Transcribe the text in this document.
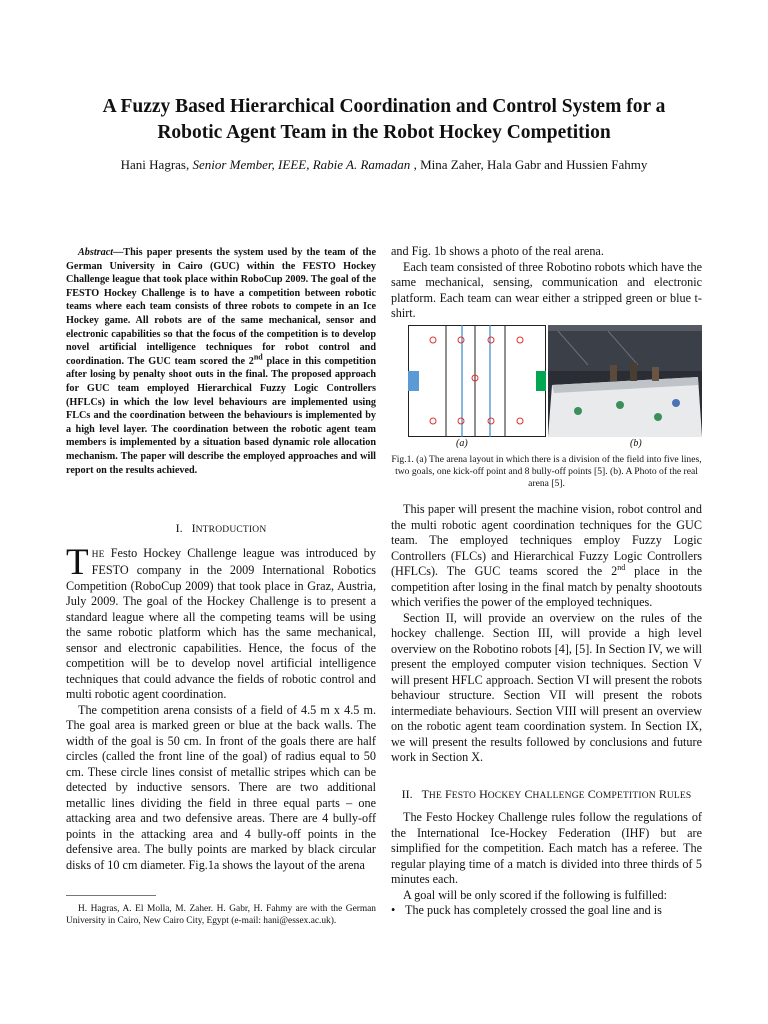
A Fuzzy Based Hierarchical Coordination and Control System for a
Robotic Agent Team in the Robot Hockey Competition
Hani Hagras, Senior Member, IEEE, Rabie A. Ramadan , Mina Zaher, Hala Gabr and Hussien Fahmy

Abstract—This paper presents the system used by the team of the German University in Cairo (GUC) within the FESTO Hockey Challenge league that took place within RoboCup 2009. The goal of the FESTO Hockey Challenge is to have a competition between robotic teams where each team consists of three robots to compete in an Ice Hockey game. All robots are of the same mechanical, sensor and electronic capabilities so that the focus of the competition is to develop novel artificial intelligence techniques for robot control and coordination. The GUC team scored the 2nd place in this competition after losing by penalty shoot outs in the final. The proposed approach for GUC team employed Hierarchical Fuzzy Logic Controllers (HFLCs) in which the low level behaviours are implemented using FLCs and the coordination between the behaviours is implemented by a high level layer. The coordination between the robotic agent team members is implemented by a situation based dynamic role allocation mechanism. The paper will describe the employed approaches and will report on the results achieved.

I. INTRODUCTION

THE Festo Hockey Challenge league was introduced by FESTO company in the 2009 International Robotics Competition (RoboCup 2009) that took place in Graz, Austria, July 2009. The goal of the Hockey Challenge is to present a standard league where all the competing teams will be using the same robotic platform which has the same mechanical, sensor and electronic capabilities. Hence, the focus of the competition will be to develop novel artificial intelligence techniques that could advance the fields of robotic control and multi robotic agent coordination.

The competition arena consists of a field of 4.5 m x 4.5 m. The goal area is marked green or blue at the back walls. The width of the goal is 50 cm. In front of the goals there are half circles (called the front line of the goal) of radius equal to 50 cm. These circle lines consist of metallic stripes which can be detected by inductive sensors. There are two additional metallic lines dividing the field in three equal parts – one attacking area and two defensive areas. There are 4 bully-off points in the attacking area and 4 bully-off points in the defensive area. The bully points are marked by black circular disks of 10 cm diameter. Fig.1a shows the layout of the arena

H. Hagras, A. El Molla, M. Zaher. H. Gabr, H. Fahmy are with the German University in Cairo, New Cairo City, Egypt (e-mail: hani@essex.ac.uk).

and Fig. 1b shows a photo of the real arena.

Each team consisted of three Robotino robots which have the same mechanical, sensing, communication and electronic platform. Each team can wear either a stripped green or blue t-shirt.

(a)	(b)
Fig.1. (a) The arena layout in which there is a division of the field into five lines, two goals, one kick-off point and 8 bully-off points [5]. (b). A Photo of the real arena [5].

This paper will present the machine vision, robot control and the multi robotic agent coordination techniques for the GUC team. The employed techniques employ Fuzzy Logic Controllers (FLCs) and Hierarchical Fuzzy Logic Controllers (HFLCs). The GUC teams scored the 2nd place in the competition after losing in the final match by penalty shootouts which verifies the power of the employed techniques.

Section II, will provide an overview on the rules of the hockey challenge. Section III, will provide a high level overview on the Robotino robots [4], [5]. In Section IV, we will present the employed computer vision techniques. Section V will present HFLC approach. Section VI will present the robots behaviour structure. Section VII will present the robots intermediate behaviours. Section VIII will present an overview on the robotic agent team coordination system. In Section IX, we will present the results followed by conclusions and future work in Section X.

II. THE FESTO HOCKEY CHALLENGE COMPETITION RULES

The Festo Hockey Challenge rules follow the regulations of the International Ice-Hockey Federation (IHF) but are simplified for the competition. Each match has a referee. The regular playing time of a match is divided into three thirds of 5 minutes each.

A goal will be only scored if the following is fulfilled:

• The puck has completely crossed the goal line and is
